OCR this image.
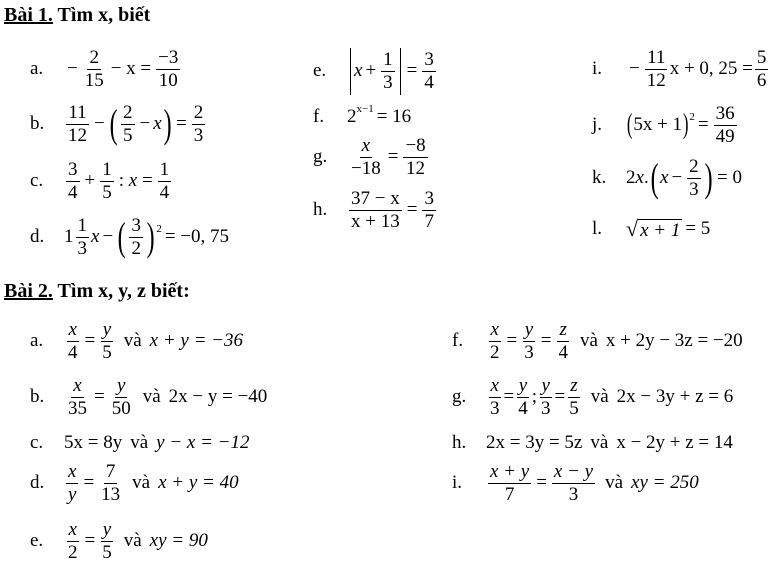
Bài 1. Tìm x, biết
a.	− $\frac{2}{15} - x = \frac{-3}{10}$
b.	$\frac{11}{12}$ − ( $\frac{2}{5} - x$ ) = $\frac{2}{3}$
c.	$\frac{3}{4} + \frac{1}{5}$ : $x = \frac{1}{4}$
d.	$1 \frac{1}{3}$ x − ( $\frac{3}{2}$ ) 2 = −0, 75
e.	$x + \frac{1}{3} = \frac{3}{4}$
f.	2 x−1 = 16
g.	$\frac{x}{-18} = \frac{-8}{12}$
h.	$\frac{37 - x}{x + 13} = \frac{3}{7}$
i.	− $\frac{11}{12}$ x + 0, $25 = \frac{5}{6}$
j. ( 5x + 1 ) $2 = \frac{36}{49}$
k.	2x. ( $x - \frac{2}{3}$ ) = 0
l.	√ x + 1 = 5
Bài 2. Tìm x, y, z biết:
a.	$\frac{x}{4} = \frac{y}{5}$ và x + y = −36
b.	$\frac{x}{35} = \frac{y}{50}$ và 2x − y = −40
c.	5x = 8y và y − x = −12
d.	$\frac{x}{y} = \frac{7}{13}$ và x + y = 40
e.	$\frac{x}{2} = \frac{y}{5}$ và xy = 90
f.	$\frac{x}{2} = \frac{y}{3} = \frac{z}{4}$ và x + 2y − 3z = −20
g.	$\frac{x}{3} = \frac{y}{4}$ ; $\frac{y}{3} = \frac{z}{5}$ và 2x − 3y + z = 6
h.	2x = 3y = 5z và x − 2y + z = 14
i.	$\frac{x + y}{7} = \frac{x - y}{3}$ và xy = 250
